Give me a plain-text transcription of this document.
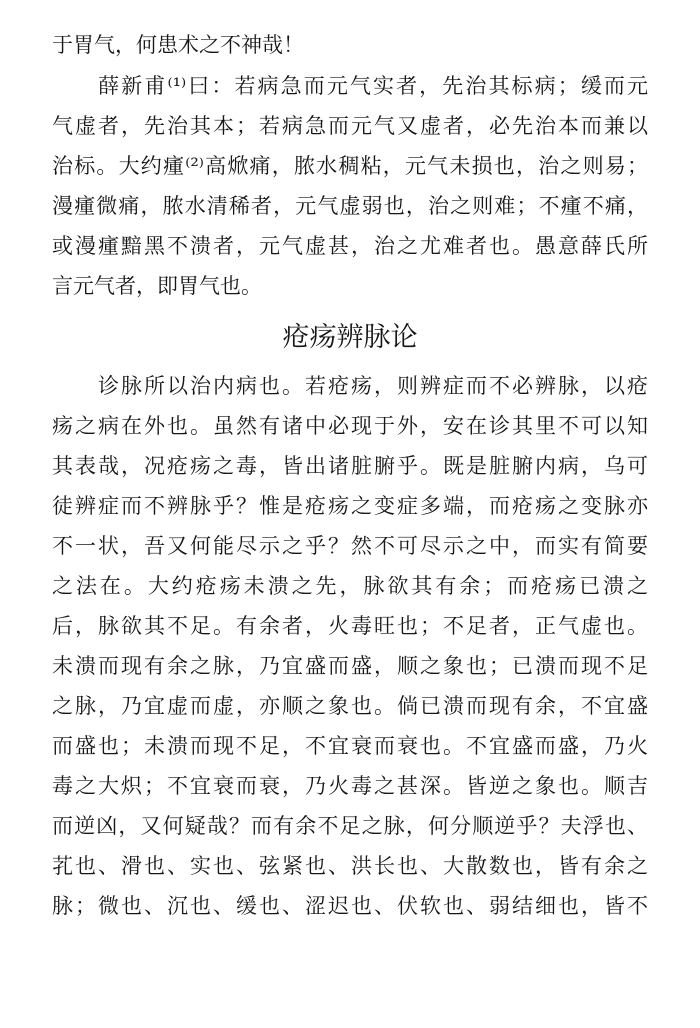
于胃气，何患术之不神哉！
　　薛新甫⁽¹⁾曰：若病急而元气实者，先治其标病；缓而元
气虚者，先治其本；若病急而元气又虚者，必先治本而兼以
治标。大约瘇⁽²⁾高焮痛，脓水稠粘，元气未损也，治之则易；
漫瘇微痛，脓水清稀者，元气虚弱也，治之则难；不瘇不痛，
或漫瘇黯黑不溃者，元气虚甚，治之尤难者也。愚意薛氏所
言元气者，即胃气也。
疮疡辨脉论
　　诊脉所以治内病也。若疮疡，则辨症而不必辨脉，以疮
疡之病在外也。虽然有诸中必现于外，安在诊其里不可以知
其表哉，况疮疡之毒，皆出诸脏腑乎。既是脏腑内病，乌可
徒辨症而不辨脉乎？惟是疮疡之变症多端，而疮疡之变脉亦
不一状，吾又何能尽示之乎？然不可尽示之中，而实有简要
之法在。大约疮疡未溃之先，脉欲其有余；而疮疡已溃之
后，脉欲其不足。有余者，火毒旺也；不足者，正气虚也。
未溃而现有余之脉，乃宜盛而盛，顺之象也；已溃而现不足
之脉，乃宜虚而虚，亦顺之象也。倘已溃而现有余，不宜盛
而盛也；未溃而现不足，不宜衰而衰也。不宜盛而盛，乃火
毒之大炽；不宜衰而衰，乃火毒之甚深。皆逆之象也。顺吉
而逆凶，又何疑哉？而有余不足之脉，何分顺逆乎？夫浮也、
芤也、滑也、实也、弦紧也、洪长也、大散数也，皆有余之
脉；微也、沉也、缓也、涩迟也、伏软也、弱结细也，皆不
